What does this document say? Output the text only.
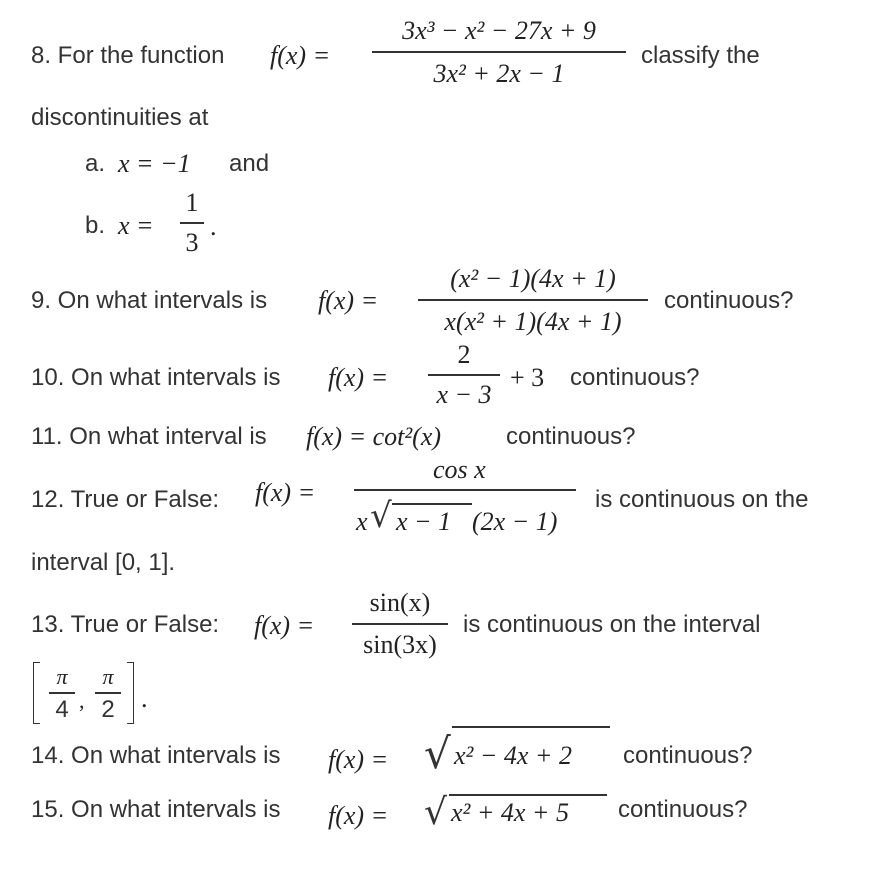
8. For the function f(x) =
3x³ − x² − 27x + 9
3x² + 2x − 1
classify the
discontinuities at
a. x = −1 and
b. x =
1
3
.
9. On what intervals is f(x) =
(x² − 1)(4x + 1)
x(x² + 1)(4x + 1)
continuous?
10. On what intervals is f(x) =
2
x − 3
+ 3 continuous?
11. On what interval is f(x) = cot²(x)	continuous?
12. True or False: f(x) =
cos x
x √ x − 1 (2x − 1)
is continuous on the
interval [0, 1].
13. True or False: f(x) =
sin(x)
sin(3x)
is continuous on the interval
π
4 ,
π
2 .
14. On what intervals is f(x) = √ x² − 4x + 2 continuous?
15. On what intervals is f(x) = √ x² + 4x + 5 continuous?
